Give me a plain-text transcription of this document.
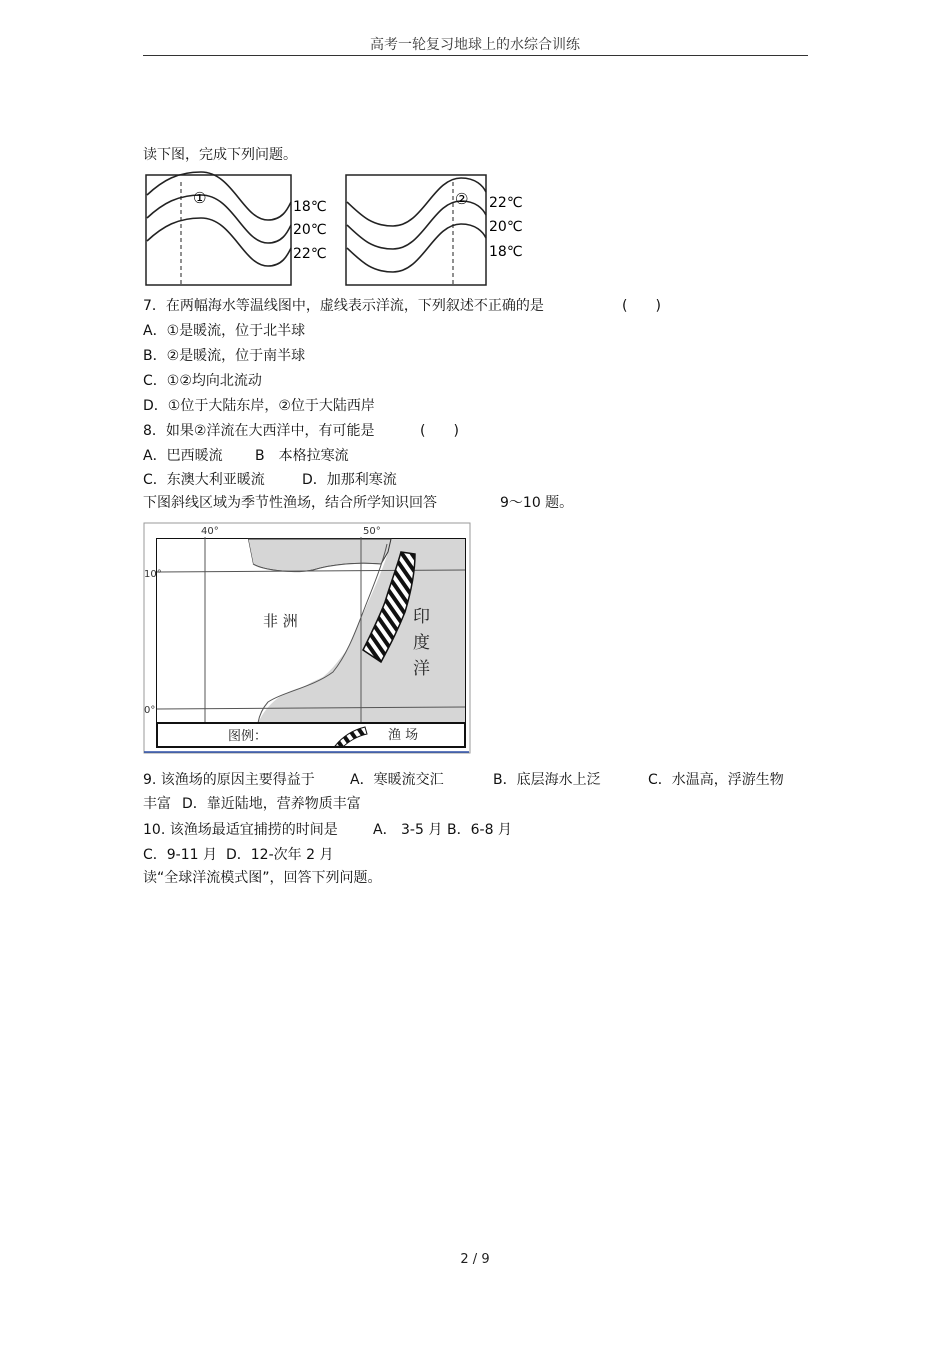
高考一轮复习地球上的水综合训练
读下图，完成下列问题。
①	18℃
20℃
22℃
② 22℃
20℃
18℃
7．在两幅海水等温线图中，虚线表示洋流，下列叙述不正确的是	(　　)
A．①是暖流，位于北半球
B．②是暖流，位于南半球
C．①②均向北流动
D．①位于大陆东岸，②位于大陆西岸
8．如果②洋流在大西洋中，有可能是	(　　)
A．巴西暖流 B　本格拉寒流
C．东澳大利亚暖流	D．加那利寒流
下图斜线区域为季节性渔场，结合所学知识回答	9～10 题。
40°	50°
10°
0°
非 洲	印
度
洋
图例：	渔 场
9. 该渔场的原因主要得益于	A．寒暖流交汇	B．底层海水上泛	C．水温高，浮游生物
丰富 D．靠近陆地，营养物质丰富
10. 该渔场最适宜捕捞的时间是	A． 3-5 月 B．6-8 月
C．9-11 月 D．12-次年 2 月
读“全球洋流模式图”，回答下列问题。
2 / 9
